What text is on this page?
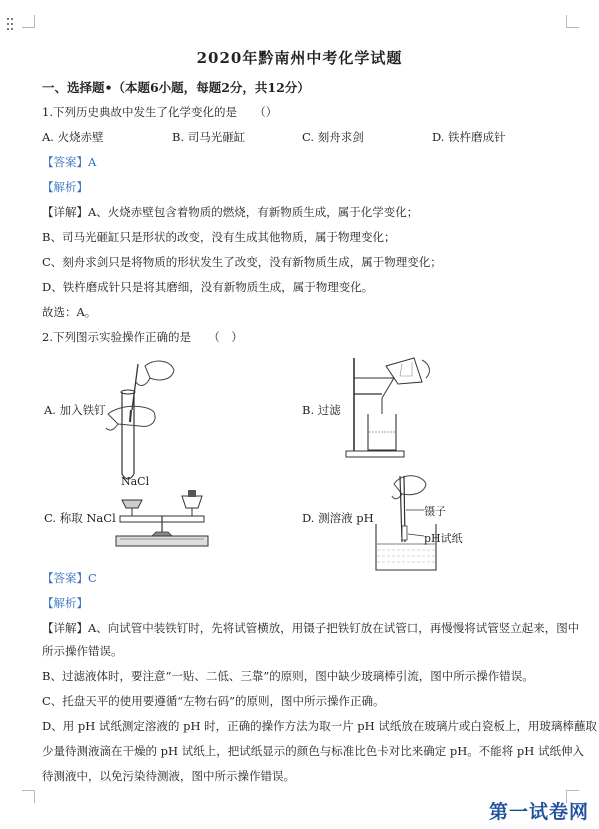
2020年黔南州中考化学试题
一、选择题•（本题6小题，每题2分，共12分）
1.下列历史典故中发生了化学变化的是　　（）
A. 火烧赤壁	B. 司马光砸缸	C. 刻舟求剑	D. 铁杵磨成针
【答案】A
【解析】
【详解】A、火烧赤壁包含着物质的燃烧，有新物质生成，属于化学变化；
B、司马光砸缸只是形状的改变，没有生成其他物质，属于物理变化；
C、刻舟求剑只是将物质的形状发生了改变，没有新物质生成，属于物理变化；
D、铁杵磨成针只是将其磨细，没有新物质生成，属于物理变化。
故选：A。
2.下列图示实验操作正确的是　　（　）
A. 加入铁钉	B. 过滤
NaCl
C. 称取 NaCl	镊子
pH试纸
D. 测溶液 pH
【答案】C
【解析】
【详解】A、向试管中装铁钉时，先将试管横放，用镊子把铁钉放在试管口，再慢慢将试管竖立起来，图中
所示操作错误。
B、过滤液体时，要注意“一贴、二低、三靠”的原则，图中缺少玻璃棒引流，图中所示操作错误。
C、托盘天平的使用要遵循“左物右码”的原则，图中所示操作正确。
D、用 pH 试纸测定溶液的 pH 时，正确的操作方法为取一片 pH 试纸放在玻璃片或白瓷板上，用玻璃棒蘸取
少量待测液滴在干燥的 pH 试纸上，把试纸显示的颜色与标准比色卡对比来确定 pH。不能将 pH 试纸伸入
待测液中，以免污染待测液，图中所示操作错误。
第一试卷网
